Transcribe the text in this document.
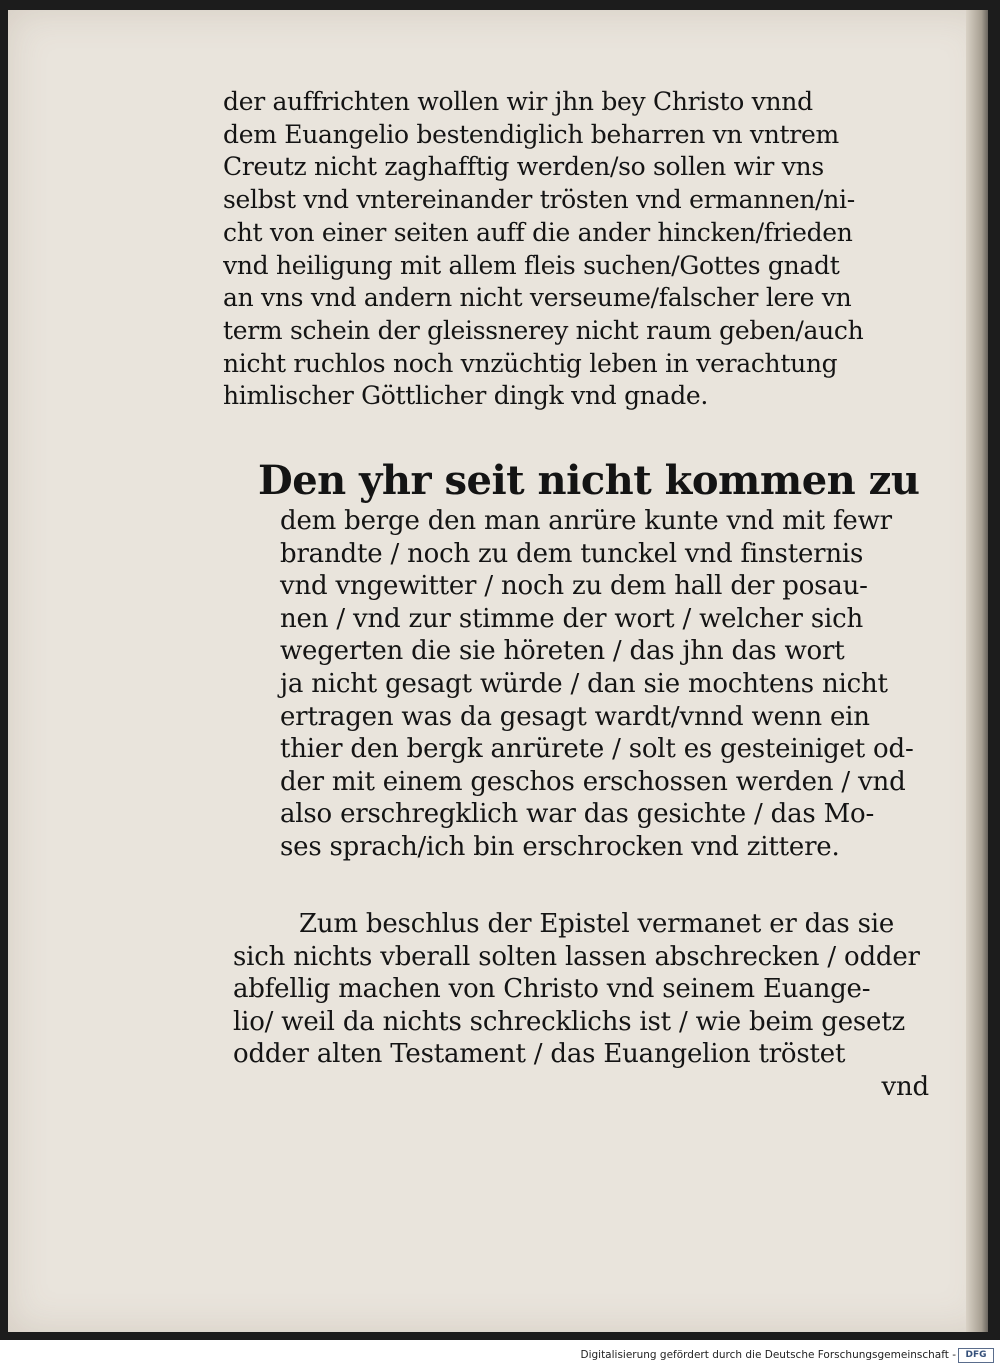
der auffrichten wollen wir jhn bey Christo vnnd
dem Euangelio bestendiglich beharren vn vntrem
Creutz nicht zaghafftig werden/so sollen wir vns
selbst vnd vntereinander trösten vnd ermannen/ni-
cht von einer seiten auff die ander hincken/frieden
vnd heiligung mit allem fleis suchen/Gottes gnadt
an vns vnd andern nicht verseume/falscher lere vn
term schein der gleissnerey nicht raum geben/auch
nicht ruchlos noch vnzüchtig leben in verachtung
himlischer Göttlicher dingk vnd gnade.
Den yhr seit nicht kommen zu
dem berge den man anrüre kunte vnd mit fewr
brandte / noch zu dem tunckel vnd finsternis
vnd vngewitter / noch zu dem hall der posau-
nen / vnd zur stimme der wort / welcher sich
wegerten die sie höreten / das jhn das wort
ja nicht gesagt würde / dan sie mochtens nicht
ertragen was da gesagt wardt/vnnd wenn ein
thier den bergk anrürete / solt es gesteiniget od-
der mit einem geschos erschossen werden / vnd
also erschregklich war das gesichte / das Mo-
ses sprach/ich bin erschrocken vnd zittere.
Zum beschlus der Epistel vermanet er das sie
sich nichts vberall solten lassen abschrecken / odder
abfellig machen von Christo vnd seinem Euange-
lio/ weil da nichts schrecklichs ist / wie beim gesetz
odder alten Testament / das Euangelion tröstet
vnd
Digitalisierung gefördert durch die Deutsche Forschungsgemeinschaft -	DFG
